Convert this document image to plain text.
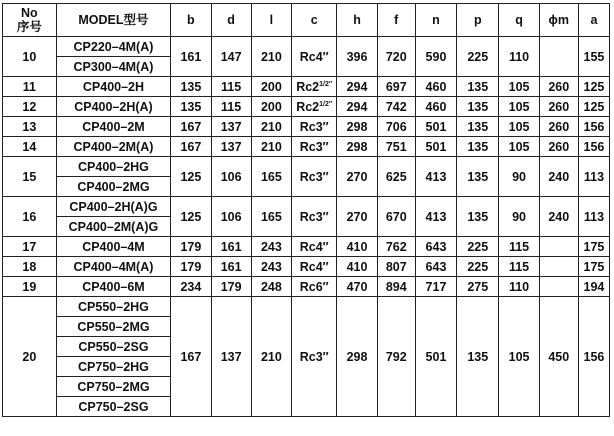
No
序号	MODEL型号	b	d	l	c	h	f	n	p	q	ϕm	a
10	CP220–4M(A)	161	147	210	Rc4″	396	720	590	225	110		155
	CP300–4M(A)											
11	CP400–2H	135	115	200	$Rc2^{1/2''}$	294	697	460	135	105	260	125
12	CP400–2H(A)	135	115	200	$Rc2^{1/2''}$	294	742	460	135	105	260	125
13	CP400–2M	167	137	210	Rc3″	298	706	501	135	105	260	156
14	CP400–2M(A)	167	137	210	Rc3″	298	751	501	135	105	260	156
15	CP400–2HG	125	106	165	Rc3″	270	625	413	135	90	240	113
	CP400–2MG											
16	CP400–2H(A)G	125	106	165	Rc3″	270	670	413	135	90	240	113
	CP400–2M(A)G											
17	CP400–4M	179	161	243	Rc4″	410	762	643	225	115		175
18	CP400–4M(A)	179	161	243	Rc4″	410	807	643	225	115		175
19	CP400–6M	234	179	248	Rc6″	470	894	717	275	110		194
20	CP550–2HG	167	137	210	Rc3″	298	792	501	135	105	450	156
	CP550–2MG											
	CP550–2SG											
	CP750–2HG											
	CP750–2MG											
	CP750–2SG											
